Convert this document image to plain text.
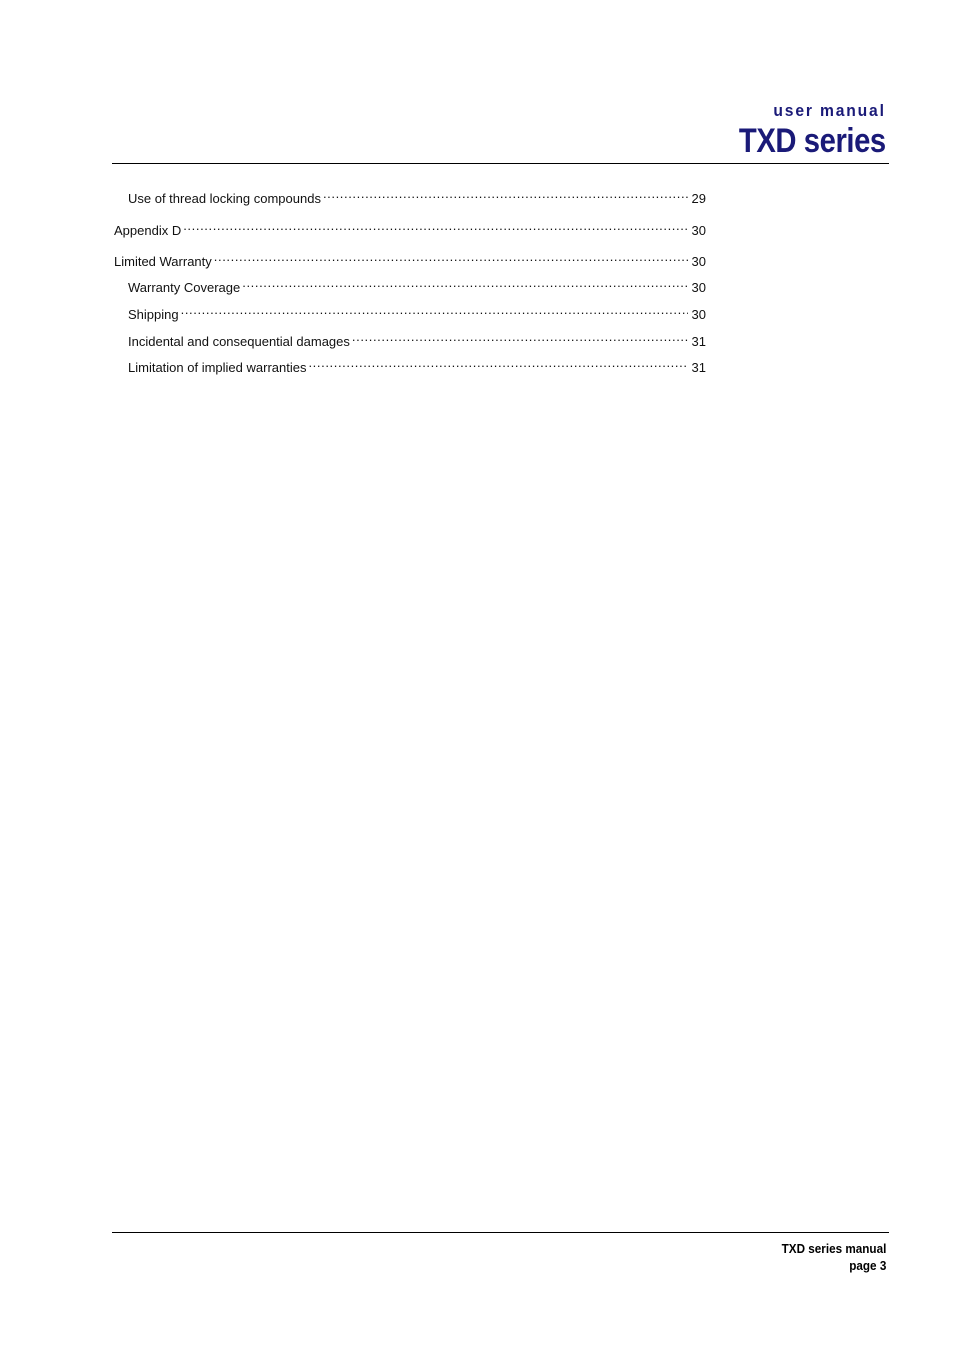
user manual
TXD series
Use of thread locking compounds .....	29
Appendix D .....	30
Limited Warranty .....	30
Warranty Coverage .....	30
Shipping .....	30
Incidental and consequential damages .....	31
Limitation of implied warranties .....	31
TXD series manual
page 3
